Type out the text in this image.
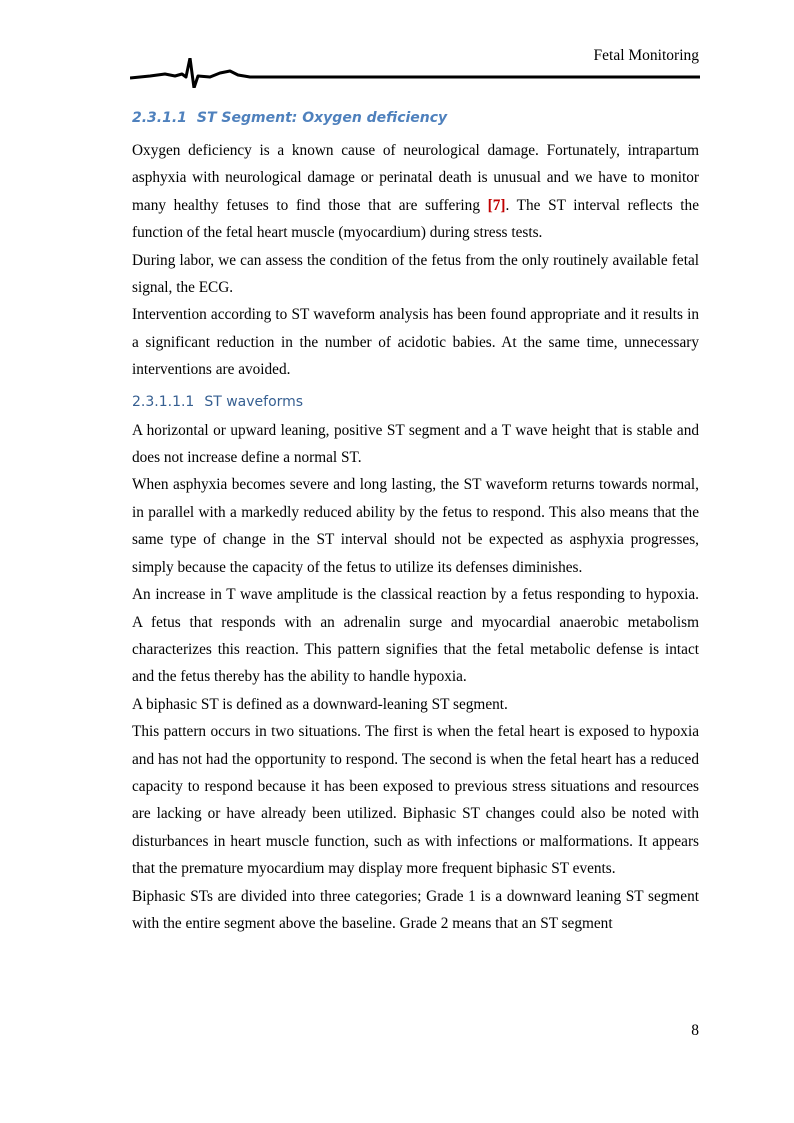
Fetal Monitoring
2.3.1.1 ST Segment: Oxygen deficiency

Oxygen deficiency is a known cause of neurological damage. Fortunately, intrapartum asphyxia with neurological damage or perinatal death is unusual and we have to monitor many healthy fetuses to find those that are suffering [7]. The ST interval reflects the function of the fetal heart muscle (myocardium) during stress tests.

During labor, we can assess the condition of the fetus from the only routinely available fetal signal, the ECG.

Intervention according to ST waveform analysis has been found appropriate and it results in a significant reduction in the number of acidotic babies. At the same time, unnecessary interventions are avoided.

2.3.1.1.1 ST waveforms

A horizontal or upward leaning, positive ST segment and a T wave height that is stable and does not increase define a normal ST.

When asphyxia becomes severe and long lasting, the ST waveform returns towards normal, in parallel with a markedly reduced ability by the fetus to respond. This also means that the same type of change in the ST interval should not be expected as asphyxia progresses, simply because the capacity of the fetus to utilize its defenses diminishes.

An increase in T wave amplitude is the classical reaction by a fetus responding to hypoxia. A fetus that responds with an adrenalin surge and myocardial anaerobic metabolism characterizes this reaction. This pattern signifies that the fetal metabolic defense is intact and the fetus thereby has the ability to handle hypoxia.

A biphasic ST is defined as a downward-leaning ST segment.

This pattern occurs in two situations. The first is when the fetal heart is exposed to hypoxia and has not had the opportunity to respond. The second is when the fetal heart has a reduced capacity to respond because it has been exposed to previous stress situations and resources are lacking or have already been utilized. Biphasic ST changes could also be noted with disturbances in heart muscle function, such as with infections or malformations. It appears that the premature myocardium may display more frequent biphasic ST events.

Biphasic STs are divided into three categories; Grade 1 is a downward leaning ST segment with the entire segment above the baseline. Grade 2 means that an ST segment

8
